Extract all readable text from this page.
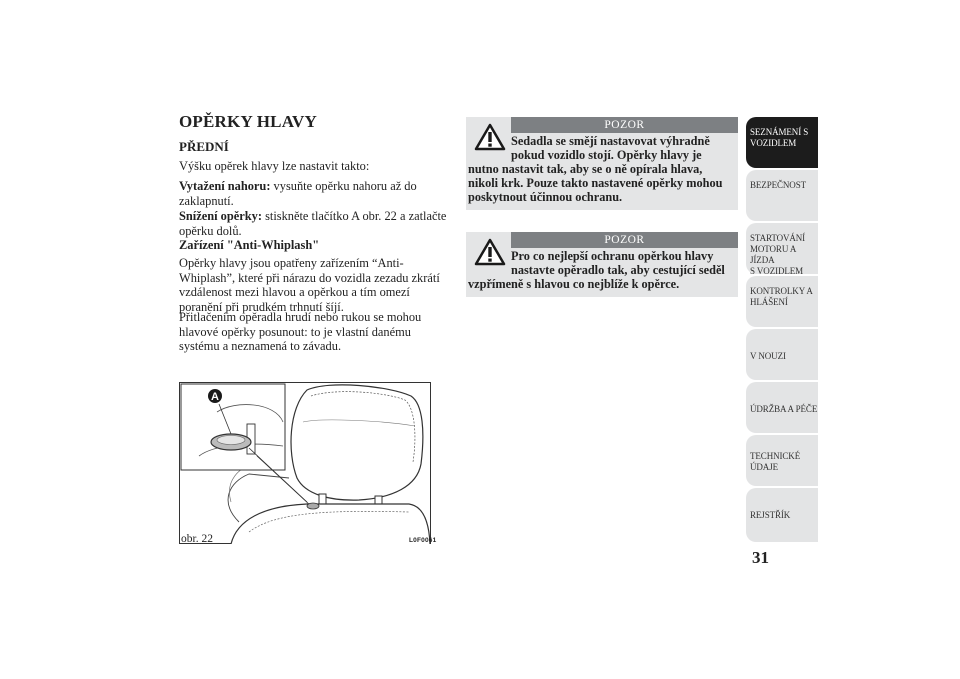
OPĚRKY HLAVY
PŘEDNÍ
Výšku opěrek hlavy lze nastavit takto:
Vytažení nahoru: vysuňte opěrku nahoru až do zaklapnutí.
Snížení opěrky: stiskněte tlačítko A obr. 22 a zatlačte opěrku dolů.
Zařízení "Anti-Whiplash"
Opěrky hlavy jsou opatřeny zařízením “Anti-Whiplash”, které při nárazu do vozidla zezadu zkrátí vzdálenost mezi hlavou a opěrkou a tím omezí poranění při prudkém trhnutí šíjí.
Přitlačením opěradla hrudí nebo rukou se mohou hlavové opěrky posunout: to je vlastní danému systému a neznamená to závadu.
A
obr. 22	L0F0061
POZOR
Sedadla se smějí nastavovat výhradně
pokud vozidlo stojí. Opěrky hlavy je
nutno nastavit tak, aby se o ně opírala hlava,
nikoli krk. Pouze takto nastavené opěrky mohou
poskytnout účinnou ochranu.
POZOR
Pro co nejlepší ochranu opěrkou hlavy
nastavte opěradlo tak, aby cestující seděl
vzpřímeně s hlavou co nejblíže k opěrce.
SEZNÁMENÍ S
VOZIDLEM
BEZPEČNOST
STARTOVÁNÍ
MOTORU A JÍZDA
S VOZIDLEM
KONTROLKY A
HLÁŠENÍ
V NOUZI
ÚDRŽBA A PÉČE
TECHNICKÉ
ÚDAJE
REJSTŘÍK
31
